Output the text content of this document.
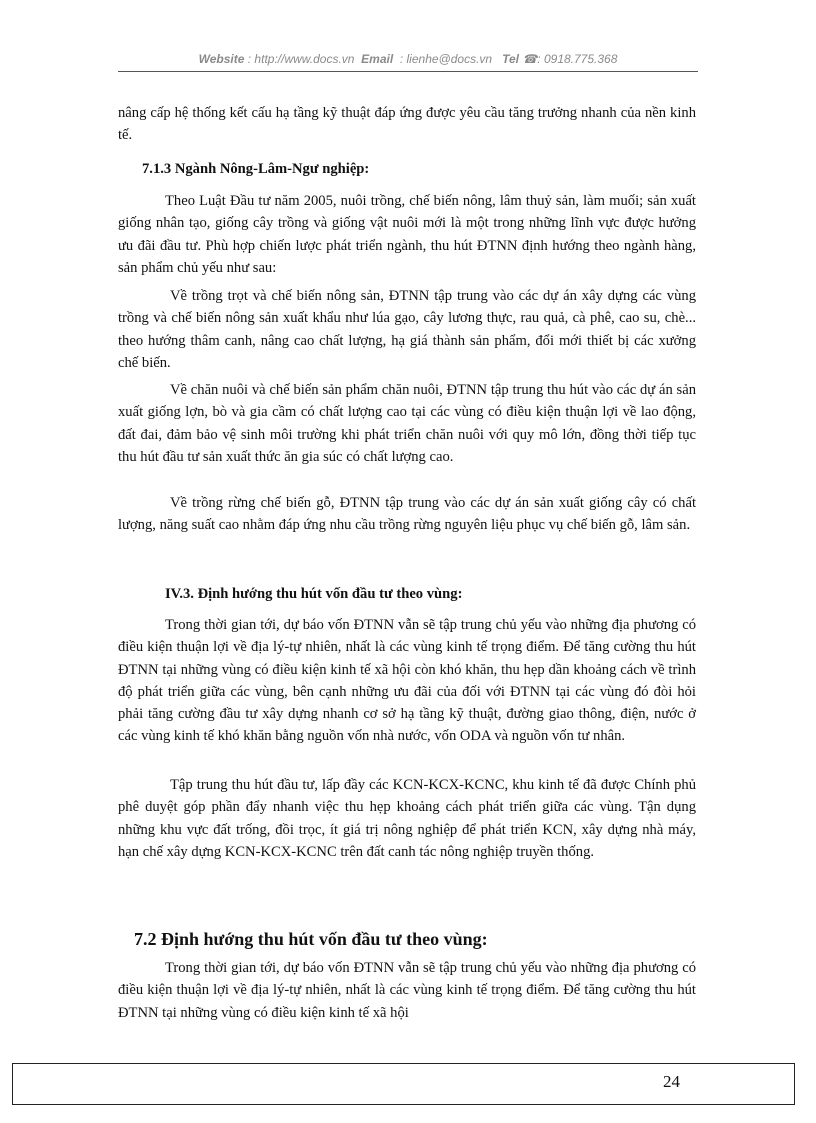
Website : http://www.docs.vn Email : lienhe@docs.vn Tel ☎: 0918.775.368

nâng cấp hệ thống kết cấu hạ tầng kỹ thuật đáp ứng được yêu cầu tăng trưởng nhanh của nền kinh tế.

7.1.3 Ngành Nông-Lâm-Ngư nghiệp:

Theo Luật Đầu tư năm 2005, nuôi trồng, chế biến nông, lâm thuỷ sản, làm muối; sản xuất giống nhân tạo, giống cây trồng và giống vật nuôi mới là một trong những lĩnh vực được hưởng ưu đãi đầu tư. Phù hợp chiến lược phát triển ngành, thu hút ĐTNN định hướng theo ngành hàng, sản phẩm chủ yếu như sau:

Về trồng trọt và chế biến nông sản, ĐTNN tập trung vào các dự án xây dựng các vùng trồng và chế biến nông sản xuất khẩu như lúa gạo, cây lương thực, rau quả, cà phê, cao su, chè... theo hướng thâm canh, nâng cao chất lượng, hạ giá thành sản phẩm, đổi mới thiết bị các xưởng chế biến.

Về chăn nuôi và chế biến sản phẩm chăn nuôi, ĐTNN tập trung thu hút vào các dự án sản xuất giống lợn, bò và gia cầm có chất lượng cao tại các vùng có điều kiện thuận lợi về lao động, đất đai, đảm bảo vệ sinh môi trường khi phát triển chăn nuôi với quy mô lớn, đồng thời tiếp tục thu hút đầu tư sản xuất thức ăn gia súc có chất lượng cao.

Về trồng rừng chế biến gỗ, ĐTNN tập trung vào các dự án sản xuất giống cây có chất lượng, năng suất cao nhằm đáp ứng nhu cầu trồng rừng nguyên liệu phục vụ chế biến gỗ, lâm sản.

IV.3. Định hướng thu hút vốn đầu tư theo vùng:

Trong thời gian tới, dự báo vốn ĐTNN vẫn sẽ tập trung chủ yếu vào những địa phương có điều kiện thuận lợi về địa lý-tự nhiên, nhất là các vùng kinh tế trọng điểm. Để tăng cường thu hút ĐTNN tại những vùng có điều kiện kinh tế xã hội còn khó khăn, thu hẹp dần khoảng cách về trình độ phát triển giữa các vùng, bên cạnh những ưu đãi của đối với ĐTNN tại các vùng đó đòi hỏi phải tăng cường đầu tư xây dựng nhanh cơ sở hạ tầng kỹ thuật, đường giao thông, điện, nước ở các vùng kinh tế khó khăn bằng nguồn vốn nhà nước, vốn ODA và nguồn vốn tư nhân.

Tập trung thu hút đầu tư, lấp đầy các KCN-KCX-KCNC, khu kinh tế đã được Chính phủ phê duyệt góp phần đẩy nhanh việc thu hẹp khoảng cách phát triển giữa các vùng. Tận dụng những khu vực đất trống, đồi trọc, ít giá trị nông nghiệp để phát triển KCN, xây dựng nhà máy, hạn chế xây dựng KCN-KCX-KCNC trên đất canh tác nông nghiệp truyền thống.

7.2 Định hướng thu hút vốn đầu tư theo vùng:

Trong thời gian tới, dự báo vốn ĐTNN vẫn sẽ tập trung chủ yếu vào những địa phương có điều kiện thuận lợi về địa lý-tự nhiên, nhất là các vùng kinh tế trọng điểm. Để tăng cường thu hút ĐTNN tại những vùng có điều kiện kinh tế xã hội

24
